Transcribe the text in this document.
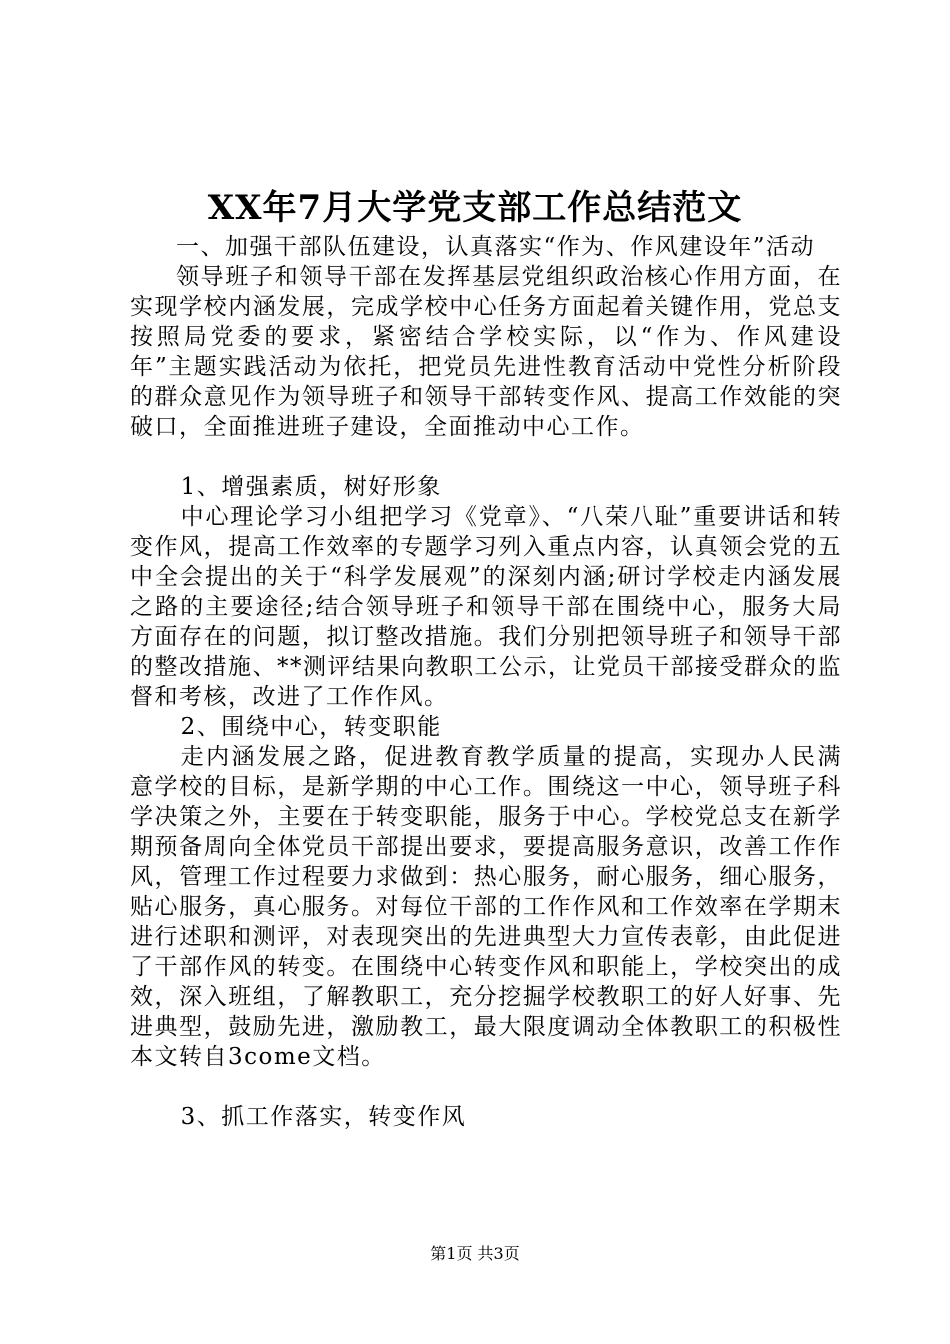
XX年7月大学党支部工作总结范文

一、加强干部队伍建设，认真落实“作为、作风建设年”活动

领导班子和领导干部在发挥基层党组织政治核心作用方面，在实现学校内涵发展，完成学校中心任务方面起着关键作用，党总支按照局党委的要求，紧密结合学校实际，以“作为、作风建设年”主题实践活动为依托，把党员先进性教育活动中党性分析阶段的群众意见作为领导班子和领导干部转变作风、提高工作效能的突破口，全面推进班子建设，全面推动中心工作。

1、增强素质，树好形象

中心理论学习小组把学习《党章》、“八荣八耻”重要讲话和转变作风，提高工作效率的专题学习列入重点内容，认真领会党的五中全会提出的关于“科学发展观”的深刻内涵;研讨学校走内涵发展之路的主要途径;结合领导班子和领导干部在围绕中心，服务大局方面存在的问题，拟订整改措施。我们分别把领导班子和领导干部的整改措施、**测评结果向教职工公示，让党员干部接受群众的监督和考核，改进了工作作风。

2、围绕中心，转变职能

走内涵发展之路，促进教育教学质量的提高，实现办人民满意学校的目标，是新学期的中心工作。围绕这一中心，领导班子科学决策之外，主要在于转变职能，服务于中心。学校党总支在新学期预备周向全体党员干部提出要求，要提高服务意识，改善工作作风，管理工作过程要力求做到：热心服务，耐心服务，细心服务，贴心服务，真心服务。对每位干部的工作作风和工作效率在学期末进行述职和测评，对表现突出的先进典型大力宣传表彰，由此促进了干部作风的转变。在围绕中心转变作风和职能上，学校突出的成效，深入班组，了解教职工，充分挖掘学校教职工的好人好事、先进典型，鼓励先进，激励教工，最大限度调动全体教职工的积极性本文转自3come文档。

3、抓工作落实，转变作风

第1页 共3页
